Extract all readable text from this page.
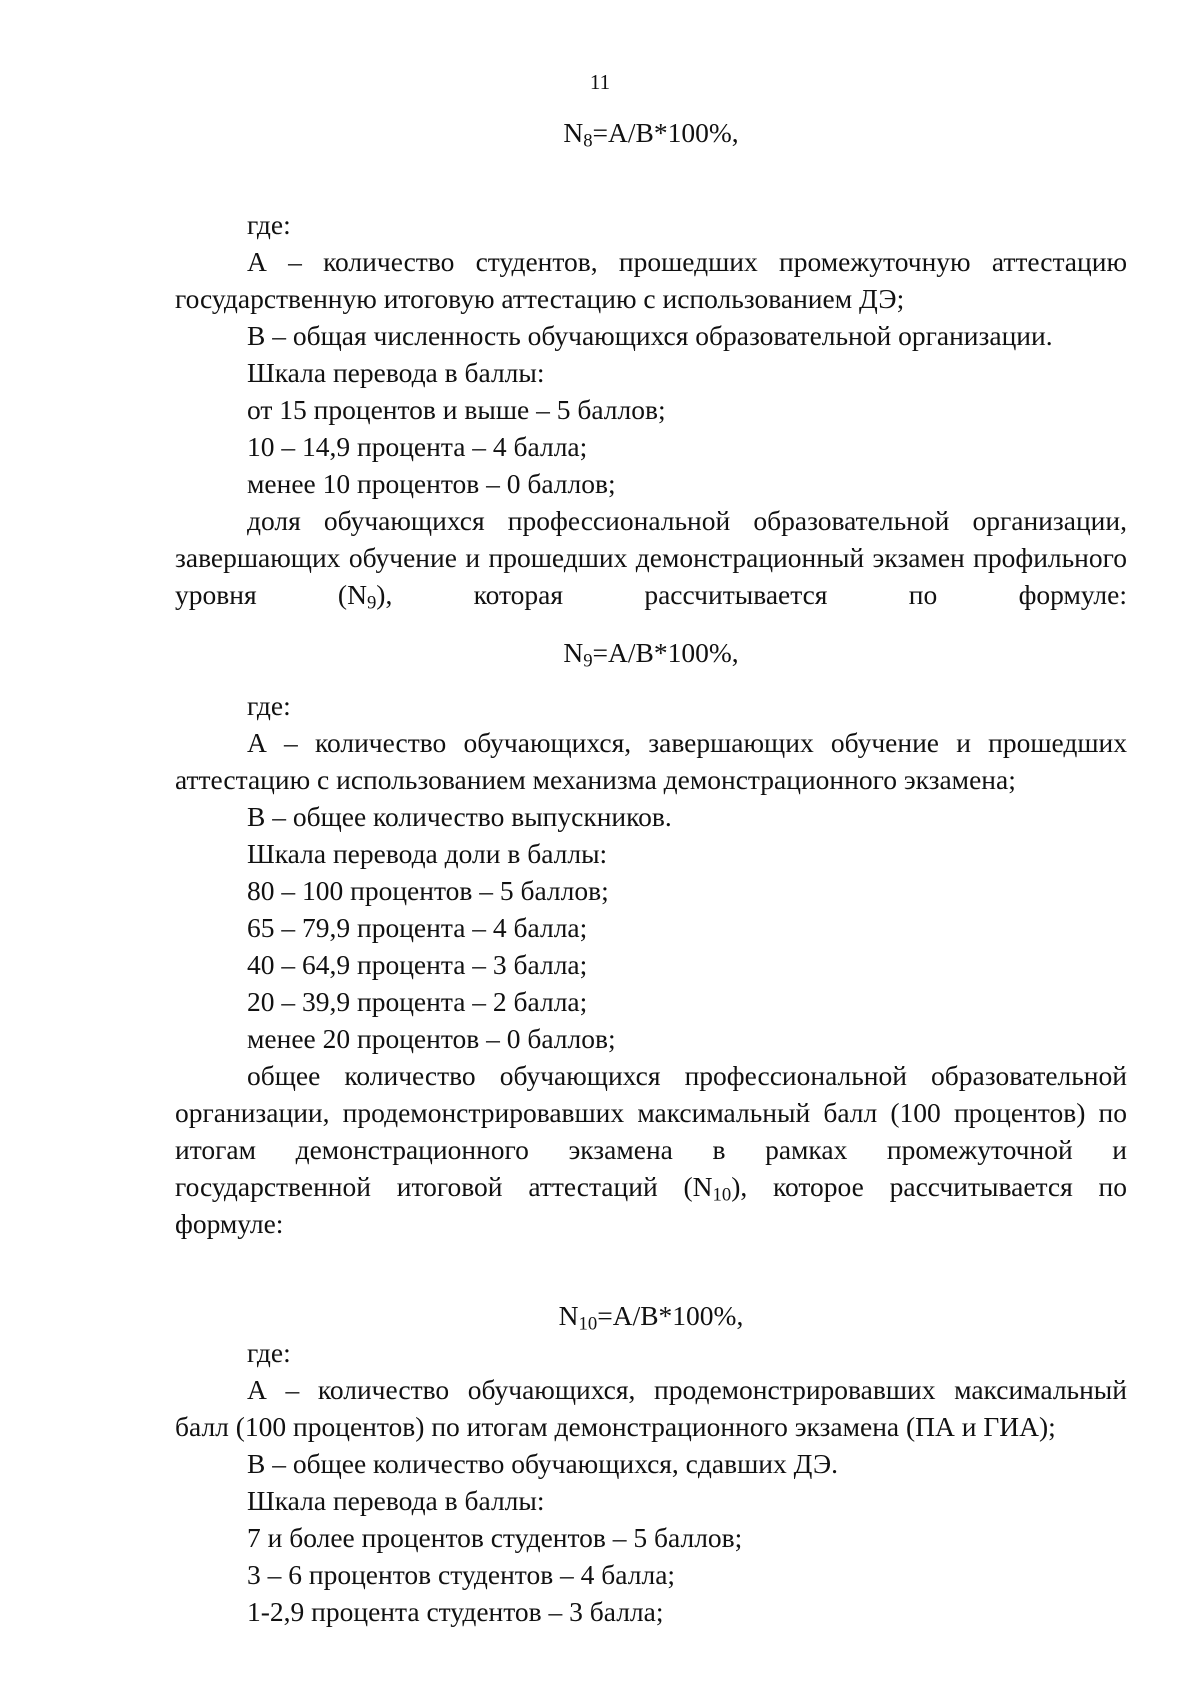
11

$N_8=A/B*100\%$,

где:

А – количество студентов, прошедших промежуточную аттестацию государственную итоговую аттестацию с использованием ДЭ;

В – общая численность обучающихся образовательной организации.

Шкала перевода в баллы:

от 15 процентов и выше – 5 баллов;

10 – 14,9 процента – 4 балла;

менее 10 процентов – 0 баллов;

доля обучающихся профессиональной образовательной организации, завершающих обучение и прошедших демонстрационный экзамен профильного уровня $(N_9)$, которая рассчитывается по формуле:

$N_9=A/B*100\%$,

где:

А – количество обучающихся, завершающих обучение и прошедших аттестацию с использованием механизма демонстрационного экзамена;

В – общее количество выпускников.

Шкала перевода доли в баллы:

80 – 100 процентов – 5 баллов;

65 – 79,9 процента – 4 балла;

40 – 64,9 процента – 3 балла;

20 – 39,9 процента – 2 балла;

менее 20 процентов – 0 баллов;

общее количество обучающихся профессиональной образовательной организации, продемонстрировавших максимальный балл (100 процентов) по итогам демонстрационного экзамена в рамках промежуточной и государственной итоговой аттестаций $(N_{10})$, которое рассчитывается по формуле:

$N_{10}=A/B*100\%$,

где:

А – количество обучающихся, продемонстрировавших максимальный балл (100 процентов) по итогам демонстрационного экзамена (ПА и ГИА);

В – общее количество обучающихся, сдавших ДЭ.

Шкала перевода в баллы:

7 и более процентов студентов – 5 баллов;

3 – 6 процентов студентов – 4 балла;

1-2,9 процента студентов – 3 балла;
